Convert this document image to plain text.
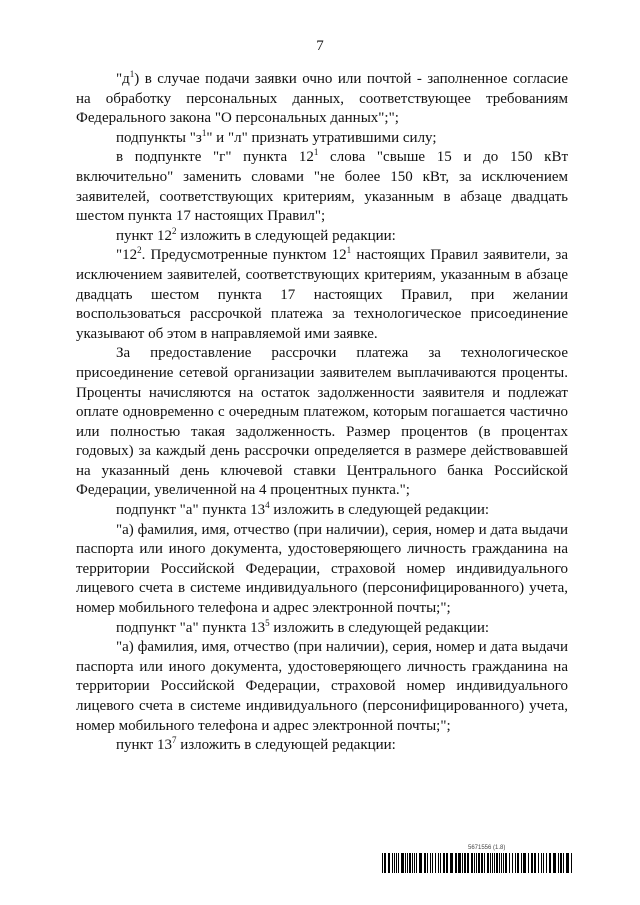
7

"$д^1$) в случае подачи заявки очно или почтой - заполненное согласие на обработку персональных данных, соответствующее требованиям Федерального закона "О персональных данных";";

подпункты "$з^1$" и "л" признать утратившими силу;

в подпункте "г" пункта $12^1$ слова "свыше 15 и до 150 кВт включительно" заменить словами "не более 150 кВт, за исключением заявителей, соответствующих критериям, указанным в абзаце двадцать шестом пункта 17 настоящих Правил";

пункт $12^2$ изложить в следующей редакции:

"$12^2$. Предусмотренные пунктом $12^1$ настоящих Правил заявители, за исключением заявителей, соответствующих критериям, указанным в абзаце двадцать шестом пункта 17 настоящих Правил, при желании воспользоваться рассрочкой платежа за технологическое присоединение указывают об этом в направляемой ими заявке.

За предоставление рассрочки платежа за технологическое присоединение сетевой организации заявителем выплачиваются проценты. Проценты начисляются на остаток задолженности заявителя и подлежат оплате одновременно с очередным платежом, которым погашается частично или полностью такая задолженность. Размер процентов (в процентах годовых) за каждый день рассрочки определяется в размере действовавшей на указанный день ключевой ставки Центрального банка Российской Федерации, увеличенной на 4 процентных пункта.";

подпункт "а" пункта $13^4$ изложить в следующей редакции:

"а) фамилия, имя, отчество (при наличии), серия, номер и дата выдачи паспорта или иного документа, удостоверяющего личность гражданина на территории Российской Федерации, страховой номер индивидуального лицевого счета в системе индивидуального (персонифицированного) учета, номер мобильного телефона и адрес электронной почты;";

подпункт "а" пункта $13^5$ изложить в следующей редакции:

"а) фамилия, имя, отчество (при наличии), серия, номер и дата выдачи паспорта или иного документа, удостоверяющего личность гражданина на территории Российской Федерации, страховой номер индивидуального лицевого счета в системе индивидуального (персонифицированного) учета, номер мобильного телефона и адрес электронной почты;";

пункт $13^7$ изложить в следующей редакции:

5671556 (1.8)
